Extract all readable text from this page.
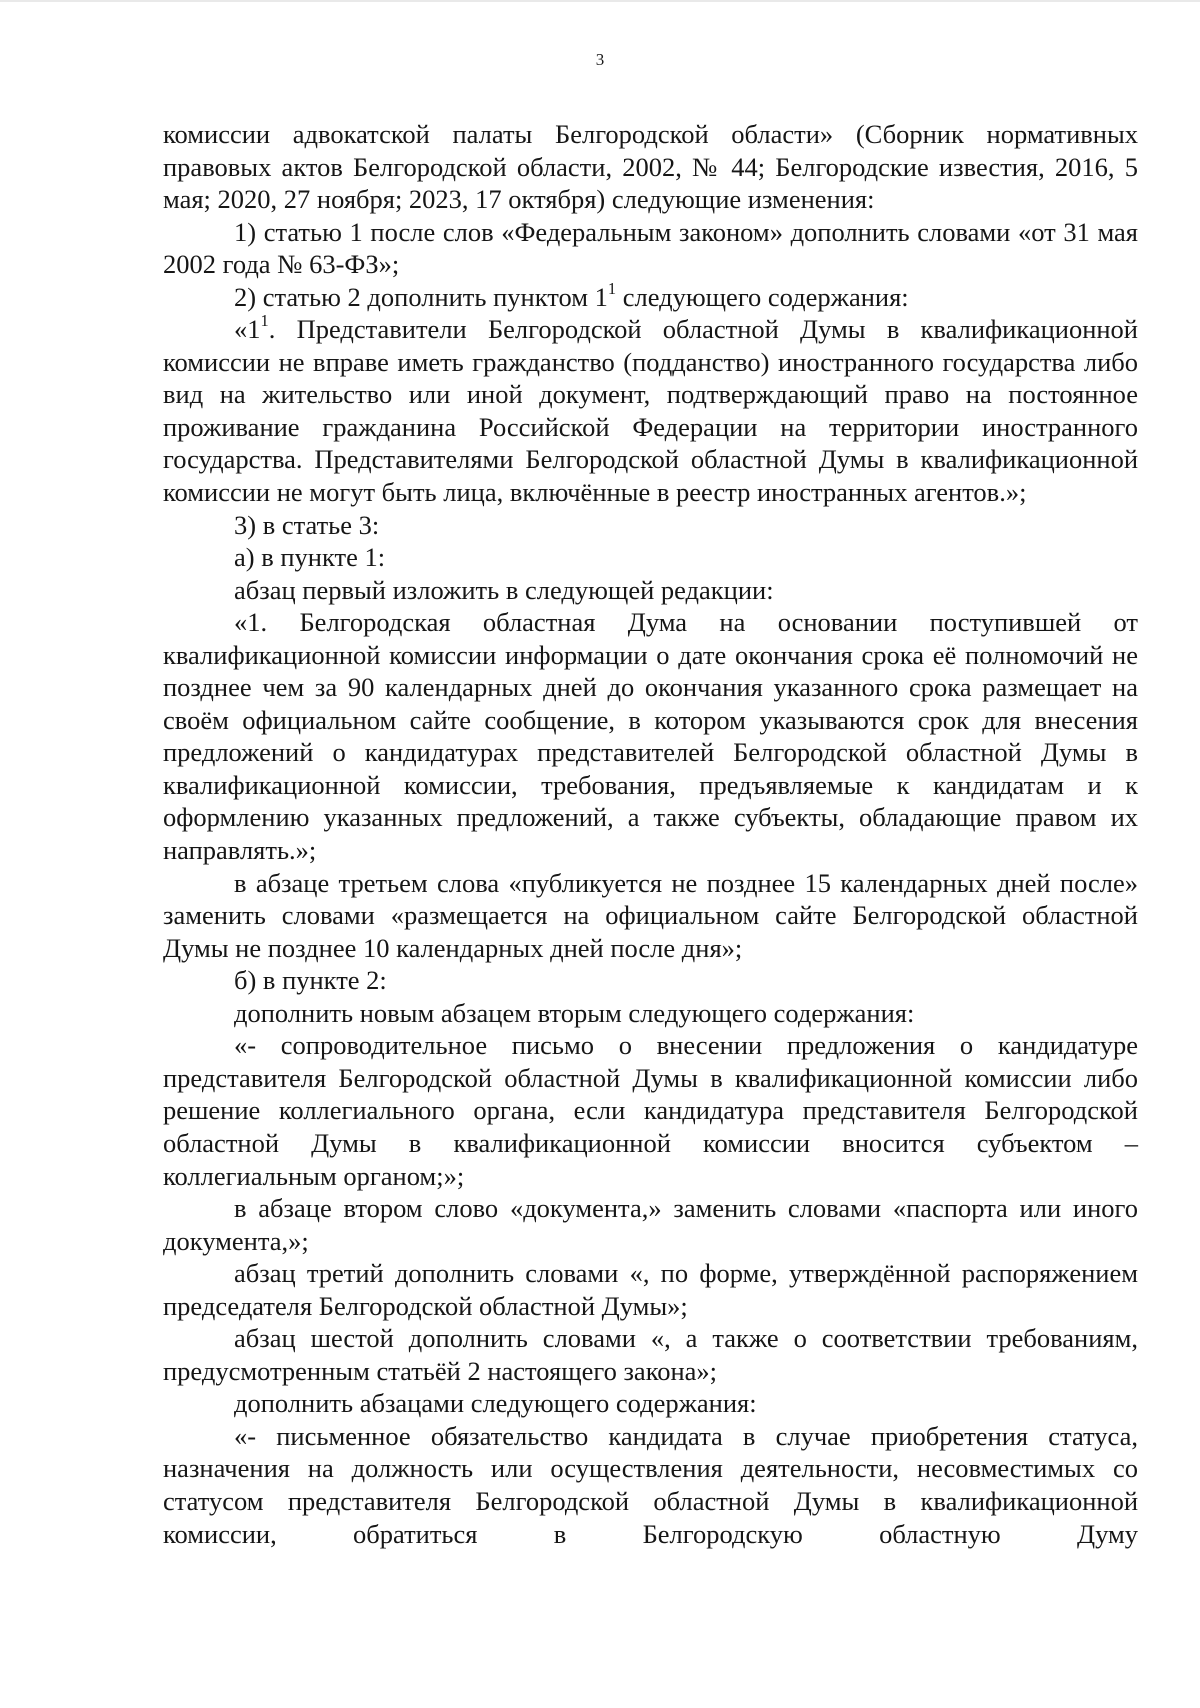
3

комиссии адвокатской палаты Белгородской области» (Сборник нормативных правовых актов Белгородской области, 2002, № 44; Белгородские известия, 2016, 5 мая; 2020, 27 ноября; 2023, 17 октября) следующие изменения:

1) статью 1 после слов «Федеральным законом» дополнить словами «от 31 мая 2002 года № 63-ФЗ»;

2) статью 2 дополнить пунктом $1^1$ следующего содержания:

«$1^1$. Представители Белгородской областной Думы в квалификационной комиссии не вправе иметь гражданство (подданство) иностранного государства либо вид на жительство или иной документ, подтверждающий право на постоянное проживание гражданина Российской Федерации на территории иностранного государства. Представителями Белгородской областной Думы в квалификационной комиссии не могут быть лица, включённые в реестр иностранных агентов.»;

3) в статье 3:

а) в пункте 1:

абзац первый изложить в следующей редакции:

«1. Белгородская областная Дума на основании поступившей от квалификационной комиссии информации о дате окончания срока её полномочий не позднее чем за 90 календарных дней до окончания указанного срока размещает на своём официальном сайте сообщение, в котором указываются срок для внесения предложений о кандидатурах представителей Белгородской областной Думы в квалификационной комиссии, требования, предъявляемые к кандидатам и к оформлению указанных предложений, а также субъекты, обладающие правом их направлять.»;

в абзаце третьем слова «публикуется не позднее 15 календарных дней после» заменить словами «размещается на официальном сайте Белгородской областной Думы не позднее 10 календарных дней после дня»;

б) в пункте 2:

дополнить новым абзацем вторым следующего содержания:

«- сопроводительное письмо о внесении предложения о кандидатуре представителя Белгородской областной Думы в квалификационной комиссии либо решение коллегиального органа, если кандидатура представителя Белгородской областной Думы в квалификационной комиссии вносится субъектом – коллегиальным органом;»;

в абзаце втором слово «документа,» заменить словами «паспорта или иного документа,»;

абзац третий дополнить словами «, по форме, утверждённой распоряжением председателя Белгородской областной Думы»;

абзац шестой дополнить словами «, а также о соответствии требованиям, предусмотренным статьёй 2 настоящего закона»;

дополнить абзацами следующего содержания:

«- письменное обязательство кандидата в случае приобретения статуса, назначения на должность или осуществления деятельности, несовместимых со статусом представителя Белгородской областной Думы в квалификационной комиссии, обратиться в Белгородскую областную Думу
